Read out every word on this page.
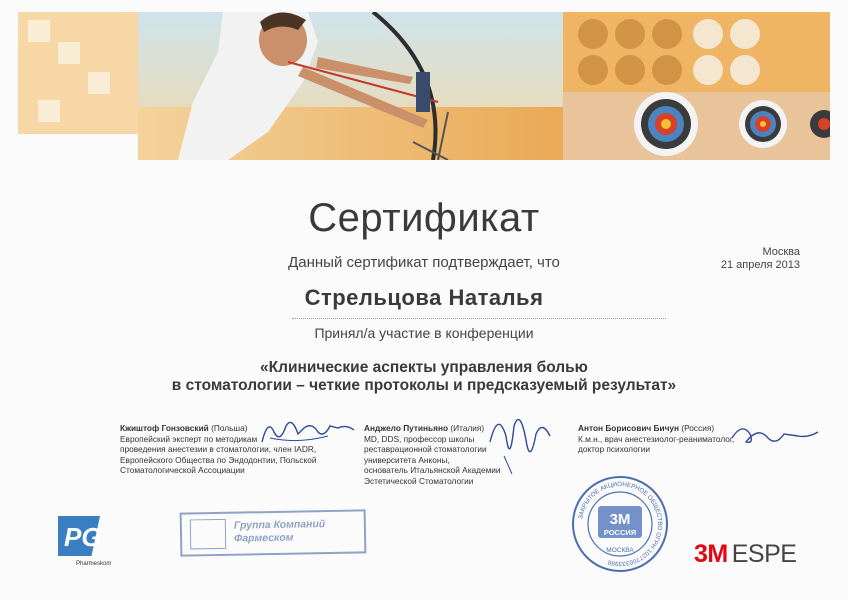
Сертификат
Данный сертификат подтверждает, что
Москва
21 апреля 2013
Стрельцова Наталья
Принял/а участие в конференции
«Клинические аспекты управления болью
в стоматологии – четкие протоколы и предсказуемый результат»
Кжиштоф Гонзовский (Польша)
Европейский эксперт по методикам
проведения анестезии в стоматологии, член IADR,
Европейского Общества по Эндодонтии, Польской
Стоматологической Ассоциации
Анджело Путиньяно (Италия)
MD, DDS, профессор школы
реставрационной стоматологии
университета Анконы,
основатель Итальянской Академии
Эстетической Стоматологии
Антон Борисович Бичун (Россия)
К.м.н., врач анестезиолог-реаниматолог,
доктор психологии
PG
Pharmeskom
Группа Компаний
Фармеском
ЗАКРЫТОЕ АКЦИОНЕРНОЕ ОБЩЕСТВО ОГРН 1027700333988
3M
РОССИЯ
МОСКВА 3M ESPE
